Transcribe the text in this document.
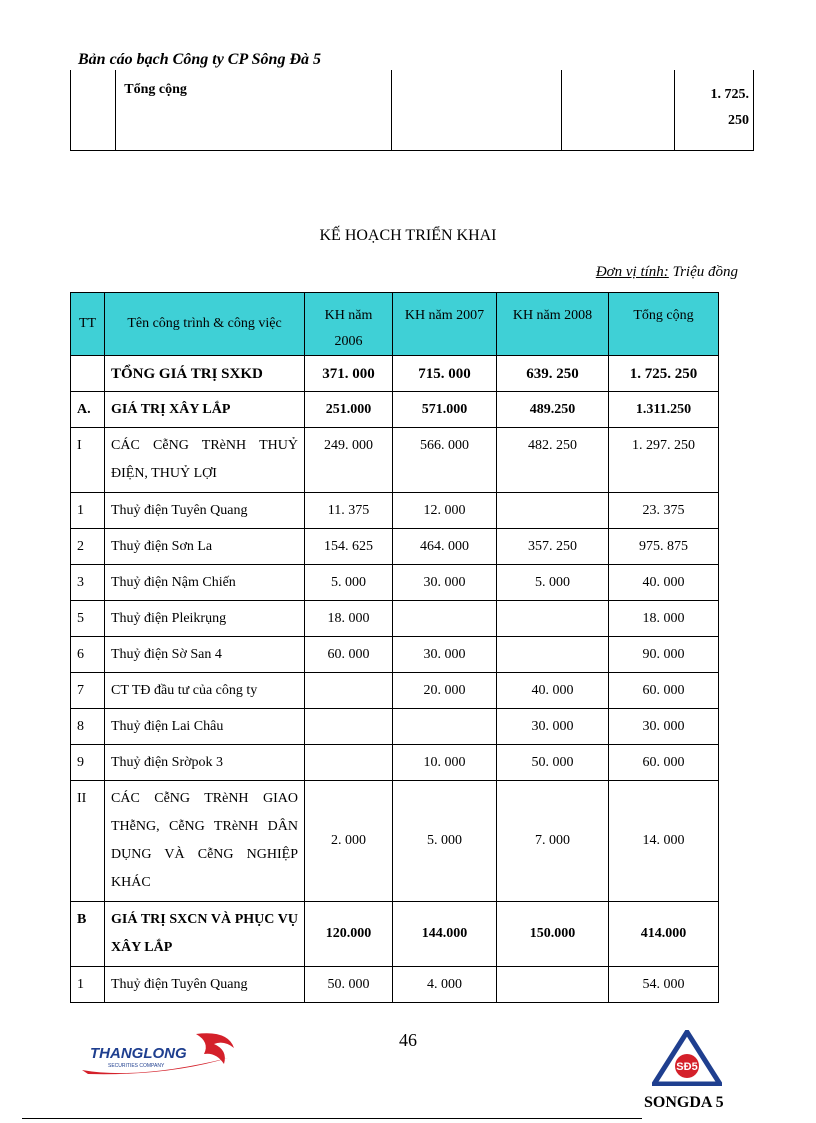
Bản cáo bạch Công ty CP Sông Đà 5
	Tổng cộng			1. 725.
250
KẾ HOẠCH TRIỂN KHAI
Đơn vị tính: Triệu đồng
TT	Tên công trình & công việc	KH năm 2006	KH năm 2007	KH năm 2008	Tổng cộng
	TỔNG GIÁ TRỊ SXKD	371. 000	715. 000	639. 250	1. 725. 250
A.	GIÁ TRỊ XÂY LẮP	251.000	571.000	489.250	1.311.250
I	CÁC CễNG TRèNH THUỶ ĐIỆN, THUỶ LỢI	249. 000	566. 000	482. 250	1. 297. 250
1	Thuỷ điện Tuyên Quang	11. 375	12. 000		23. 375
2	Thuỷ điện Sơn La	154. 625	464. 000	357. 250	975. 875
3	Thuỷ điện Nậm Chiến	5. 000	30. 000	5. 000	40. 000
5	Thuỷ điện Pleikrụng	18. 000			18. 000
6	Thuỷ điện Sờ San 4	60. 000	30. 000		90. 000
7	CT TĐ đầu tư của công ty		20. 000	40. 000	60. 000
8	Thuỷ điện Lai Châu			30. 000	30. 000
9	Thuỷ điện Srờpok 3		10. 000	50. 000	60. 000
II	CÁC CễNG TRèNH GIAO THễNG, CễNG TRèNH DÂN DỤNG VÀ CễNG NGHIỆP KHÁC	2. 000	5. 000	7. 000	14. 000
B	GIÁ TRỊ SXCN VÀ PHỤC VỤ XÂY LẮP	120.000	144.000	150.000	414.000
1	Thuỷ điện Tuyên Quang	50. 000	4. 000		54. 000
46
THANGLONG
SECURITIES COMPANY	SĐ5
SONGDA 5
